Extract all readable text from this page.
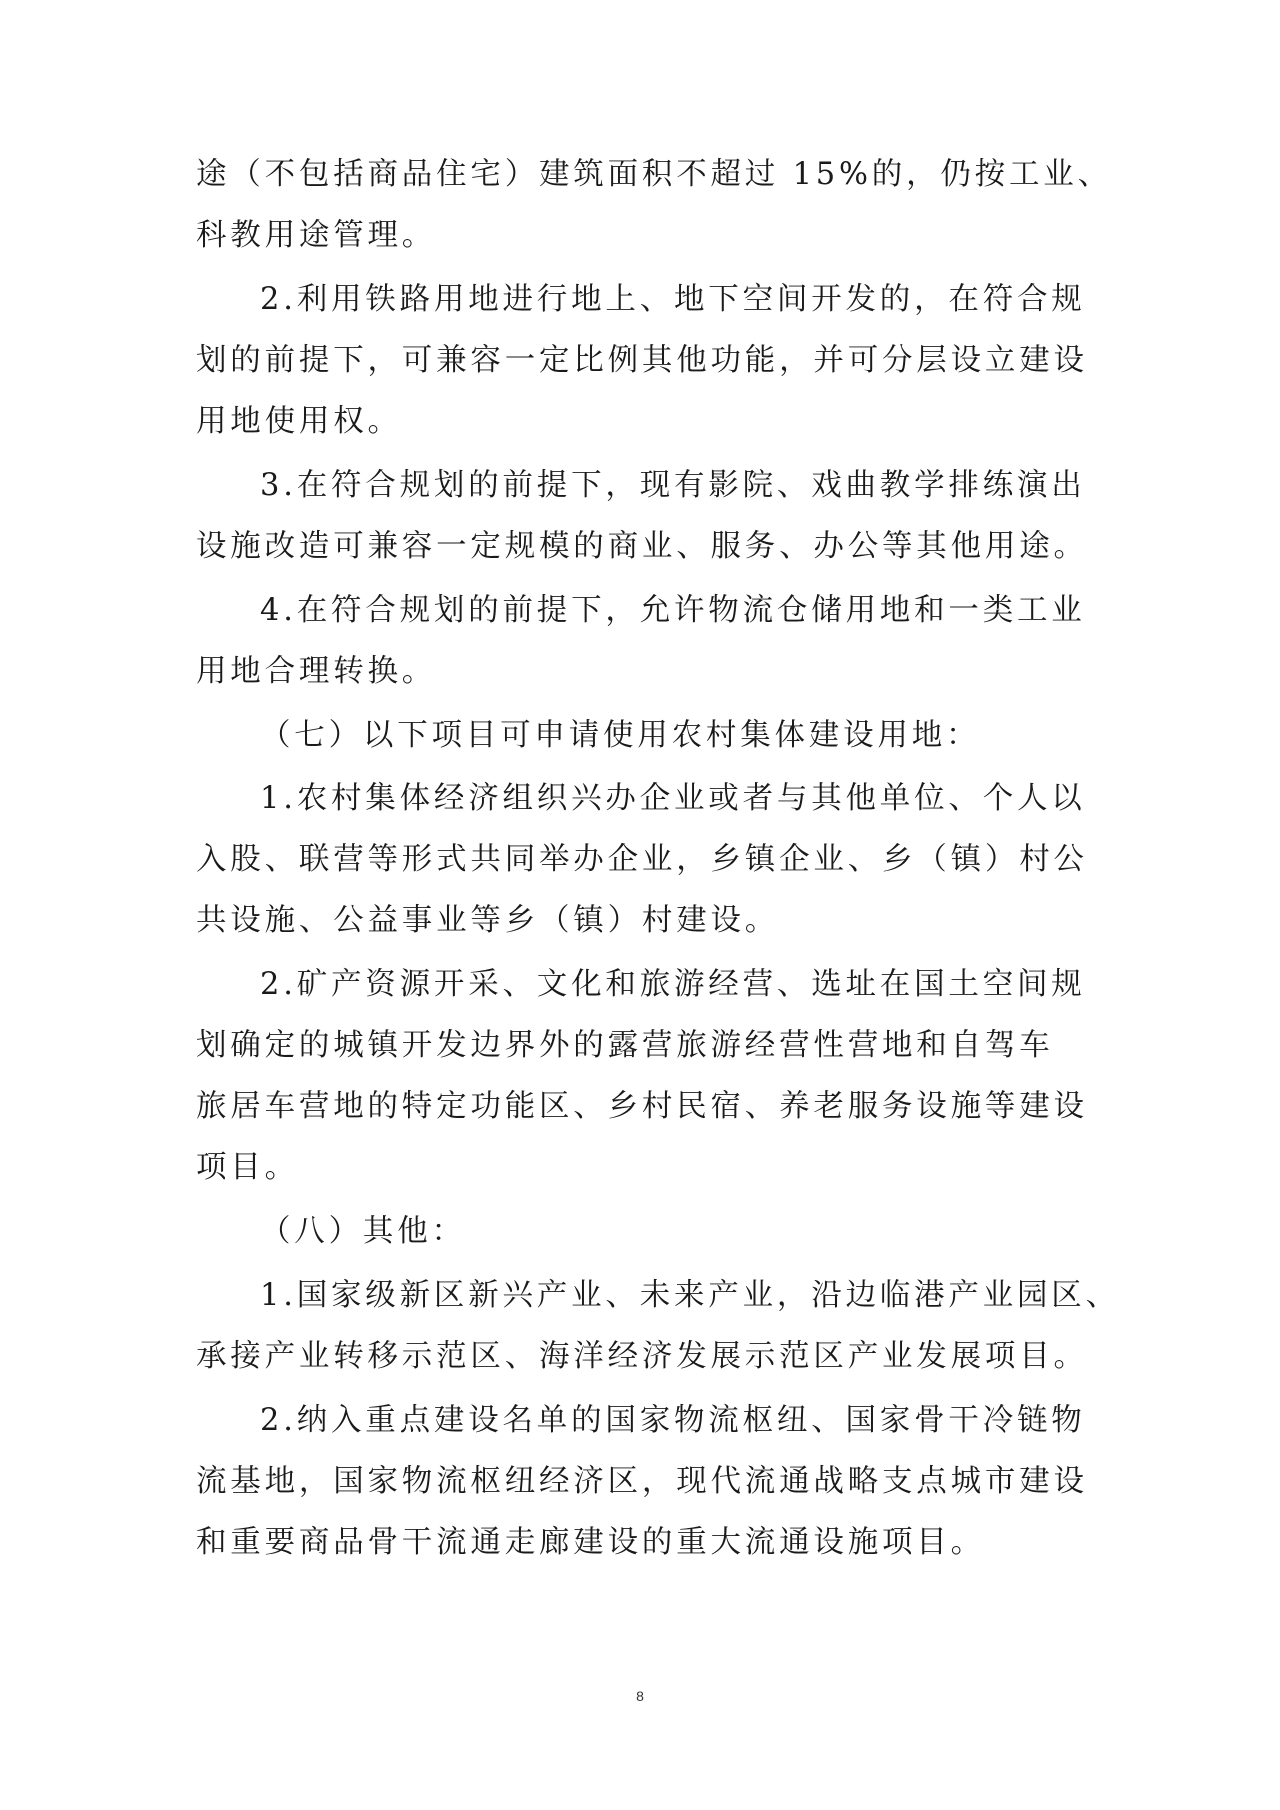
途（不包括商品住宅）建筑面积不超过 15%的，仍按工业、
科教用途管理。
2.利用铁路用地进行地上、地下空间开发的，在符合规
划的前提下，可兼容一定比例其他功能，并可分层设立建设
用地使用权。
3.在符合规划的前提下，现有影院、戏曲教学排练演出
设施改造可兼容一定规模的商业、服务、办公等其他用途。
4.在符合规划的前提下，允许物流仓储用地和一类工业
用地合理转换。
（七）以下项目可申请使用农村集体建设用地：
1.农村集体经济组织兴办企业或者与其他单位、个人以
入股、联营等形式共同举办企业，乡镇企业、乡（镇）村公
共设施、公益事业等乡（镇）村建设。
2.矿产资源开采、文化和旅游经营、选址在国土空间规
划确定的城镇开发边界外的露营旅游经营性营地和自驾车
旅居车营地的特定功能区、乡村民宿、养老服务设施等建设
项目。
（八）其他：
1.国家级新区新兴产业、未来产业，沿边临港产业园区、
承接产业转移示范区、海洋经济发展示范区产业发展项目。
2.纳入重点建设名单的国家物流枢纽、国家骨干冷链物
流基地，国家物流枢纽经济区，现代流通战略支点城市建设
和重要商品骨干流通走廊建设的重大流通设施项目。
8
